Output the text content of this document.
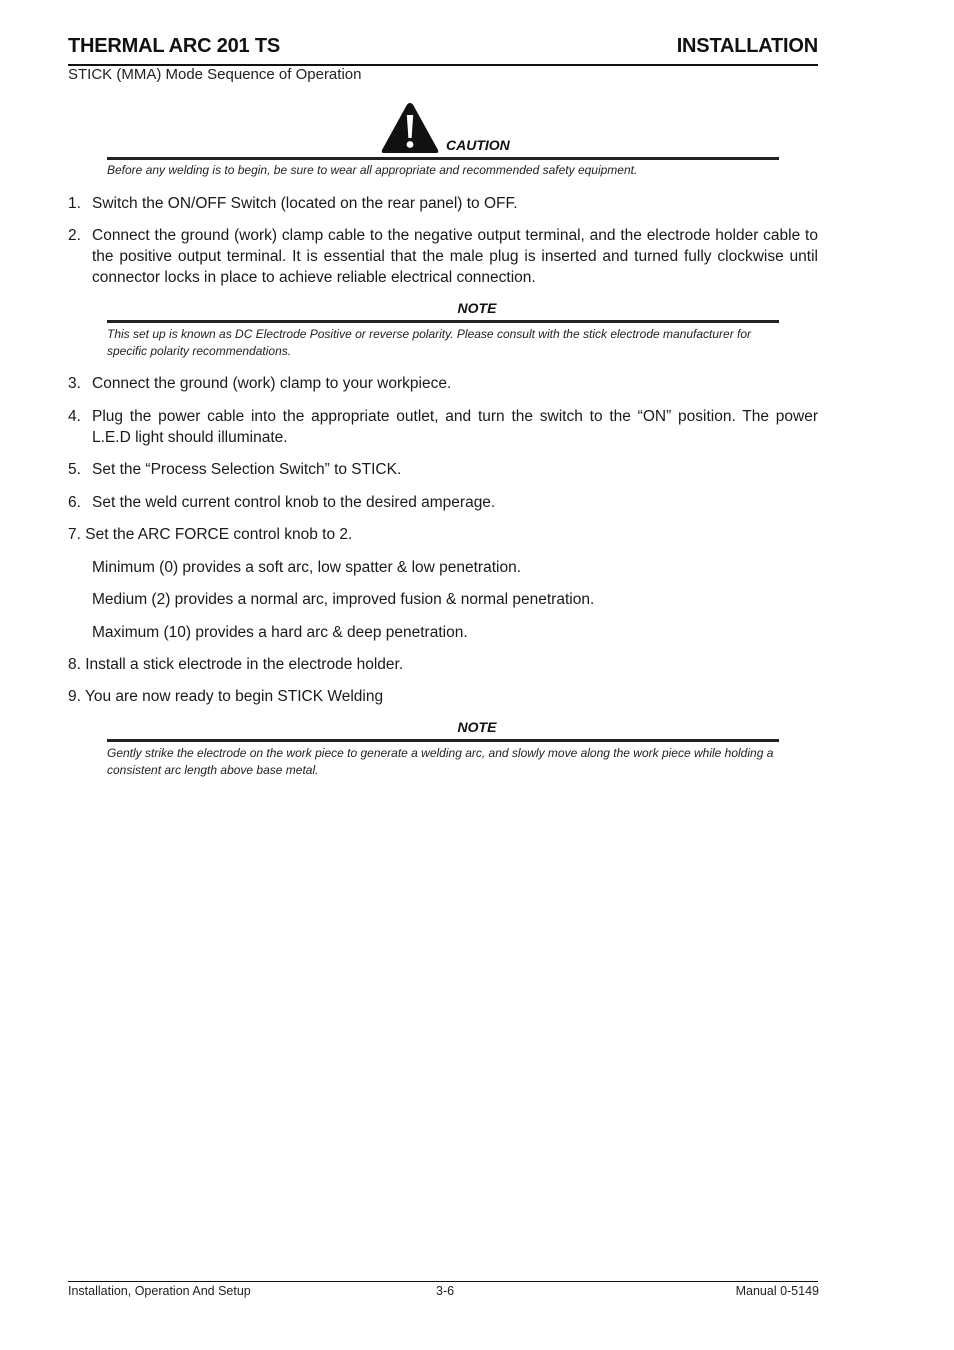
THERMAL ARC 201 TS	INSTALLATION
STICK (MMA) Mode Sequence of Operation
CAUTION
Before any welding is to begin, be sure to wear all appropriate and recommended safety equipment.
1. Switch the ON/OFF Switch (located on the rear panel) to OFF.
2. Connect the ground (work) clamp cable to the negative output terminal, and the electrode holder cable to the positive output terminal. It is essential that the male plug is inserted and turned fully clockwise until connector locks in place to achieve reliable electrical connection.
NOTE
This set up is known as DC Electrode Positive or reverse polarity. Please consult with the stick electrode manufacturer for specific polarity recommendations.
3. Connect the ground (work) clamp to your workpiece.
4. Plug the power cable into the appropriate outlet, and turn the switch to the “ON” position. The power L.E.D light should illuminate.
5. Set the “Process Selection Switch” to STICK.
6. Set the weld current control knob to the desired amperage.
7. Set the ARC FORCE control knob to 2.
Minimum (0) provides a soft arc, low spatter & low penetration.
Medium (2) provides a normal arc, improved fusion & normal penetration.
Maximum (10) provides a hard arc & deep penetration.
8. Install a stick electrode in the electrode holder.
9. You are now ready to begin STICK Welding
NOTE
Gently strike the electrode on the work piece to generate a welding arc, and slowly move along the work piece while holding a consistent arc length above base metal.
Installation, Operation And Setup	3-6	Manual 0-5149
